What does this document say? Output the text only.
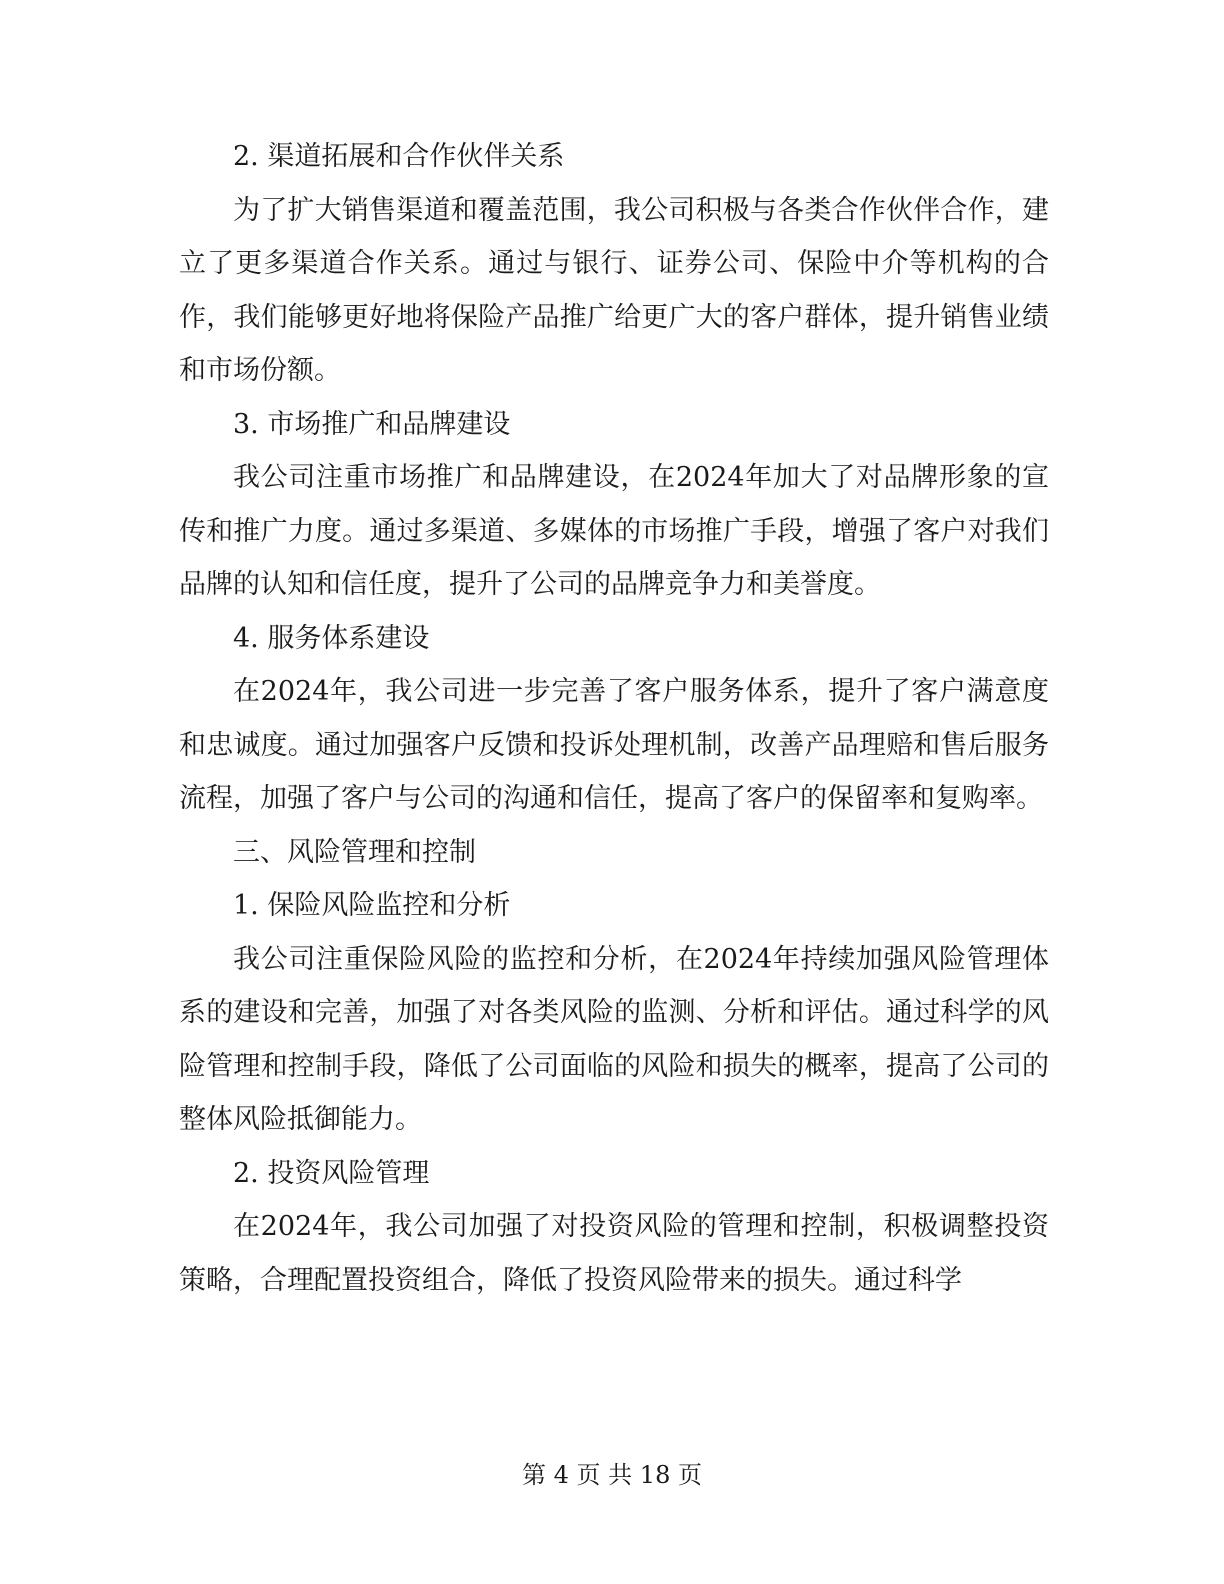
2. 渠道拓展和合作伙伴关系

为了扩大销售渠道和覆盖范围，我公司积极与各类合作伙伴合作，建立了更多渠道合作关系。通过与银行、证券公司、保险中介等机构的合作，我们能够更好地将保险产品推广给更广大的客户群体，提升销售业绩和市场份额。

3. 市场推广和品牌建设

我公司注重市场推广和品牌建设，在2024年加大了对品牌形象的宣传和推广力度。通过多渠道、多媒体的市场推广手段，增强了客户对我们品牌的认知和信任度，提升了公司的品牌竞争力和美誉度。

4. 服务体系建设

在2024年，我公司进一步完善了客户服务体系，提升了客户满意度和忠诚度。通过加强客户反馈和投诉处理机制，改善产品理赔和售后服务流程，加强了客户与公司的沟通和信任，提高了客户的保留率和复购率。

三、风险管理和控制

1. 保险风险监控和分析

我公司注重保险风险的监控和分析，在2024年持续加强风险管理体系的建设和完善，加强了对各类风险的监测、分析和评估。通过科学的风险管理和控制手段，降低了公司面临的风险和损失的概率，提高了公司的整体风险抵御能力。

2. 投资风险管理

在2024年，我公司加强了对投资风险的管理和控制，积极调整投资策略，合理配置投资组合，降低了投资风险带来的损失。通过科学

第 4 页 共 18 页
